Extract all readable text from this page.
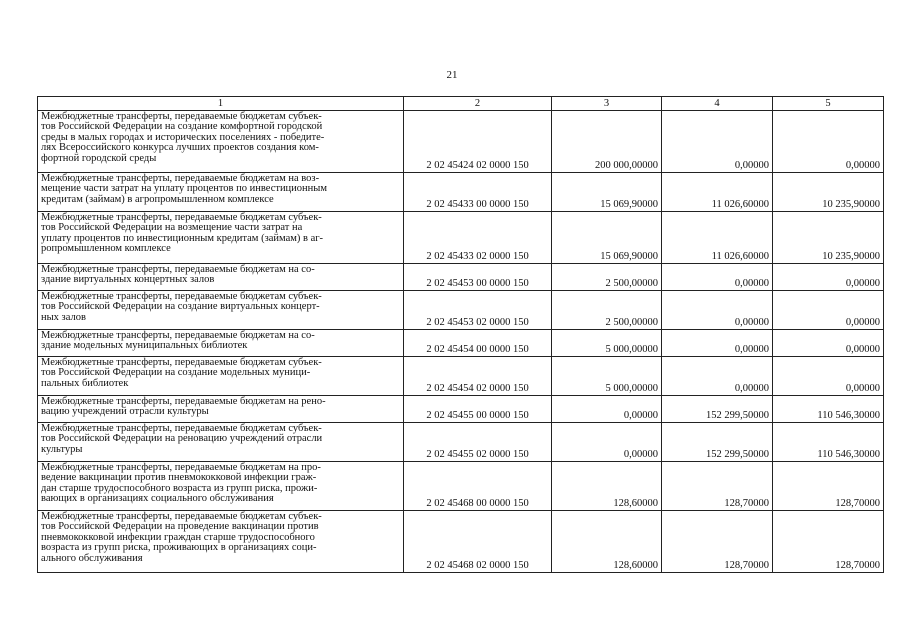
21
1	2	3	4	5
Межбюджетные трансферты, передаваемые бюджетам субъек-
тов Российской Федерации на создание комфортной городской
среды в малых городах и исторических поселениях - победите-
лях Всероссийского конкурса лучших проектов создания ком-
фортной городской среды	2 02 45424 02 0000 150	200 000,00000	0,00000	0,00000
Межбюджетные трансферты, передаваемые бюджетам на воз-
мещение части затрат на уплату процентов по инвестиционным
кредитам (займам) в агропромышленном комплексе	2 02 45433 00 0000 150	15 069,90000	11 026,60000	10 235,90000
Межбюджетные трансферты, передаваемые бюджетам субъек-
тов Российской Федерации на возмещение части затрат на
уплату процентов по инвестиционным кредитам (займам) в аг-
ропромышленном комплексе	2 02 45433 02 0000 150	15 069,90000	11 026,60000	10 235,90000
Межбюджетные трансферты, передаваемые бюджетам на со-
здание виртуальных концертных залов	2 02 45453 00 0000 150	2 500,00000	0,00000	0,00000
Межбюджетные трансферты, передаваемые бюджетам субъек-
тов Российской Федерации на создание виртуальных концерт-
ных залов	2 02 45453 02 0000 150	2 500,00000	0,00000	0,00000
Межбюджетные трансферты, передаваемые бюджетам на со-
здание модельных муниципальных библиотек	2 02 45454 00 0000 150	5 000,00000	0,00000	0,00000
Межбюджетные трансферты, передаваемые бюджетам субъек-
тов Российской Федерации на создание модельных муници-
пальных библиотек	2 02 45454 02 0000 150	5 000,00000	0,00000	0,00000
Межбюджетные трансферты, передаваемые бюджетам на рено-
вацию учреждений отрасли культуры	2 02 45455 00 0000 150	0,00000	152 299,50000	110 546,30000
Межбюджетные трансферты, передаваемые бюджетам субъек-
тов Российской Федерации на реновацию учреждений отрасли
культуры	2 02 45455 02 0000 150	0,00000	152 299,50000	110 546,30000
Межбюджетные трансферты, передаваемые бюджетам на про-
ведение вакцинации против пневмококковой инфекции граж-
дан старше трудоспособного возраста из групп риска, прожи-
вающих в организациях социального обслуживания	2 02 45468 00 0000 150	128,60000	128,70000	128,70000
Межбюджетные трансферты, передаваемые бюджетам субъек-
тов Российской Федерации на проведение вакцинации против
пневмококковой инфекции граждан старше трудоспособного
возраста из групп риска, проживающих в организациях соци-
ального обслуживания	2 02 45468 02 0000 150	128,60000	128,70000	128,70000
